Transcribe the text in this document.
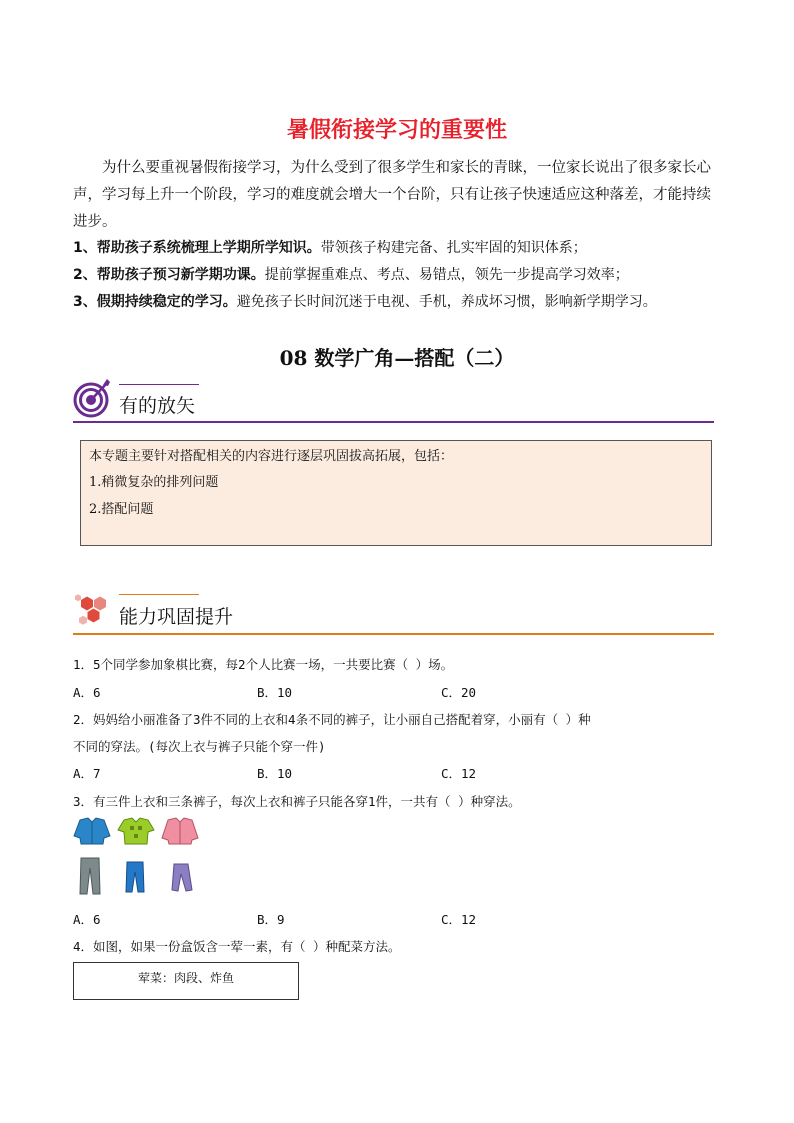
暑假衔接学习的重要性
为什么要重视暑假衔接学习，为什么受到了很多学生和家长的青睐，一位家长说出了很多家长心声，学习每上升一个阶段，学习的难度就会增大一个台阶，只有让孩子快速适应这种落差，才能持续进步。
1、帮助孩子系统梳理上学期所学知识。带领孩子构建完备、扎实牢固的知识体系；
2、帮助孩子预习新学期功课。提前掌握重难点、考点、易错点，领先一步提高学习效率；
3、假期持续稳定的学习。避免孩子长时间沉迷于电视、手机，养成坏习惯，影响新学期学习。
08 数学广角—搭配（二）
有的放矢
本专题主要针对搭配相关的内容进行逐层巩固拔高拓展，包括：
1.稍微复杂的排列问题
2.搭配问题
能力巩固提升
1．5个同学参加象棋比赛，每2个人比赛一场，一共要比赛（ ）场。
A．6	B．10	C．20
2．妈妈给小丽准备了3件不同的上衣和4条不同的裤子，让小丽自己搭配着穿，小丽有（ ）种
不同的穿法。(每次上衣与裤子只能个穿一件)
A．7	B．10	C．12
3．有三件上衣和三条裤子，每次上衣和裤子只能各穿1件，一共有（ ）种穿法。
A．6	B．9	C．12
4．如图，如果一份盒饭含一荤一素，有（ ）种配菜方法。
荤菜：肉段、炸鱼
